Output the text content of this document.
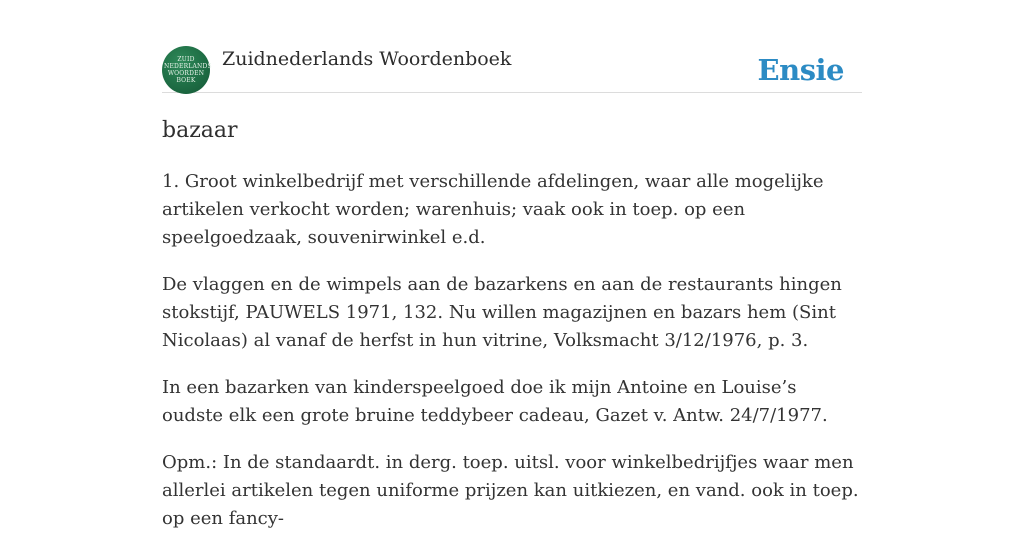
ZUID
NEDERLANDS
WOORDEN
BOEK
Zuidnederlands Woordenboek	Ensie
bazaar

1. Groot winkelbedrijf met verschillende afdelingen, waar alle mogelijke artikelen verkocht worden; warenhuis; vaak ook in toep. op een speelgoedzaak, souvenirwinkel e.d.

De vlaggen en de wimpels aan de bazarkens en aan de restaurants hingen stokstijf, PAUWELS 1971, 132. Nu willen magazijnen en bazars hem (Sint Nicolaas) al vanaf de herfst in hun vitrine, Volksmacht 3/12/1976, p. 3.

In een bazarken van kinderspeelgoed doe ik mijn Antoine en Louise’s oudste elk een grote bruine teddybeer cadeau, Gazet v. Antw. 24/7/1977.

Opm.: In de standaardt. in derg. toep. uitsl. voor winkelbedrijfjes waar men allerlei artikelen tegen uniforme prijzen kan uitkiezen, en vand. ook in toep. op een fancy-
